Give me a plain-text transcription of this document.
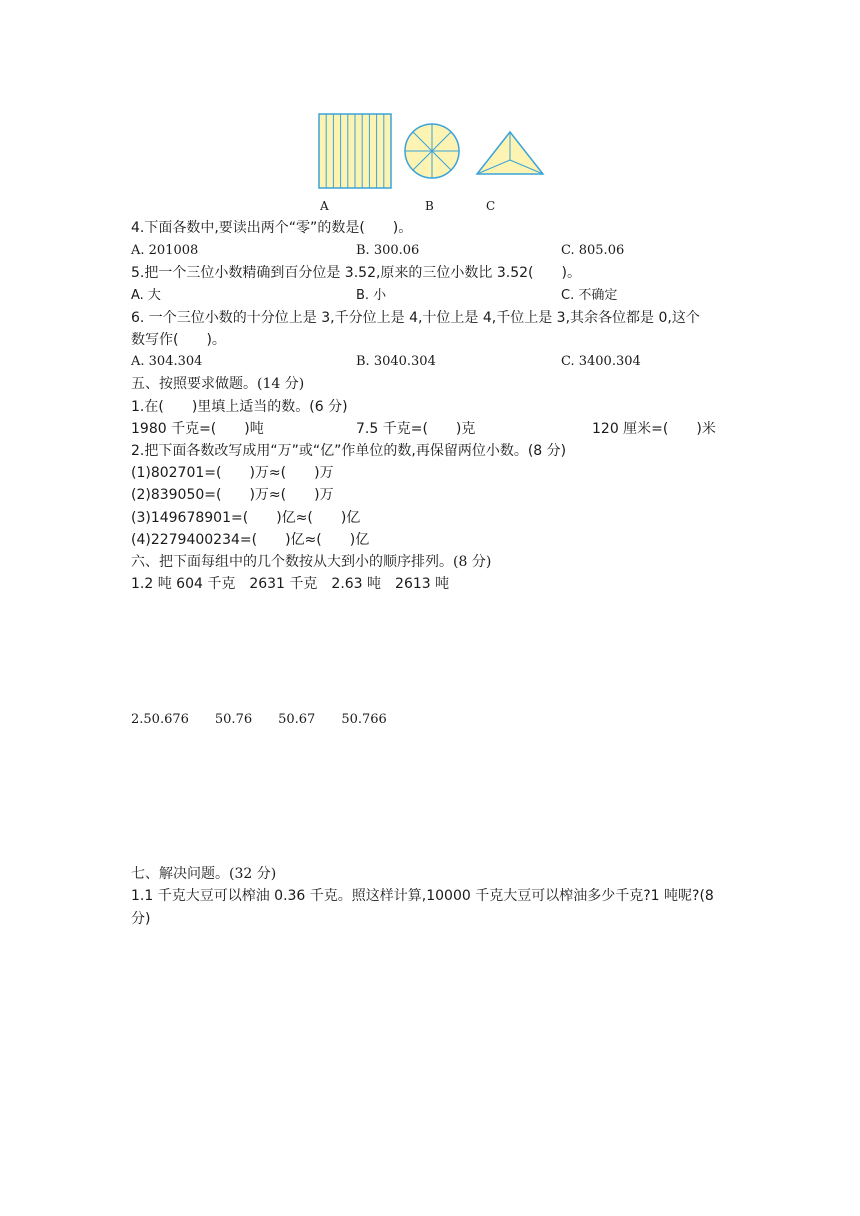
A	B	C
4.下面各数中,要读出两个“零”的数是(　　)。
A. 201008	B. 300.06	C. 805.06
5.把一个三位小数精确到百分位是 3.52,原来的三位小数比 3.52(　　)。
A. 大	B. 小	C. 不确定
6. 一个三位小数的十分位上是 3,千分位上是 4,十位上是 4,千位上是 3,其余各位都是 0,这个
数写作(　　)。
A. 304.304	B. 3040.304	C. 3400.304
五、按照要求做题。(14 分)
1.在(　　)里填上适当的数。(6 分)
1980 千克=(　　)吨	7.5 千克=(　　)克	120 厘米=(　　)米
2.把下面各数改写成用“万”或“亿”作单位的数,再保留两位小数。(8 分)
(1)802701=(　　)万≈(　　)万
(2)839050=(　　)万≈(　　)万
(3)149678901=(　　)亿≈(　　)亿
(4)2279400234=(　　)亿≈(　　)亿
六、把下面每组中的几个数按从大到小的顺序排列。(8 分)
1.2 吨 604 千克　2631 千克　2.63 吨　2613 吨
2.50.676　　50.76　　50.67　　50.766
七、解决问题。(32 分)
1.1 千克大豆可以榨油 0.36 千克。照这样计算,10000 千克大豆可以榨油多少千克?1 吨呢?(8
分)
